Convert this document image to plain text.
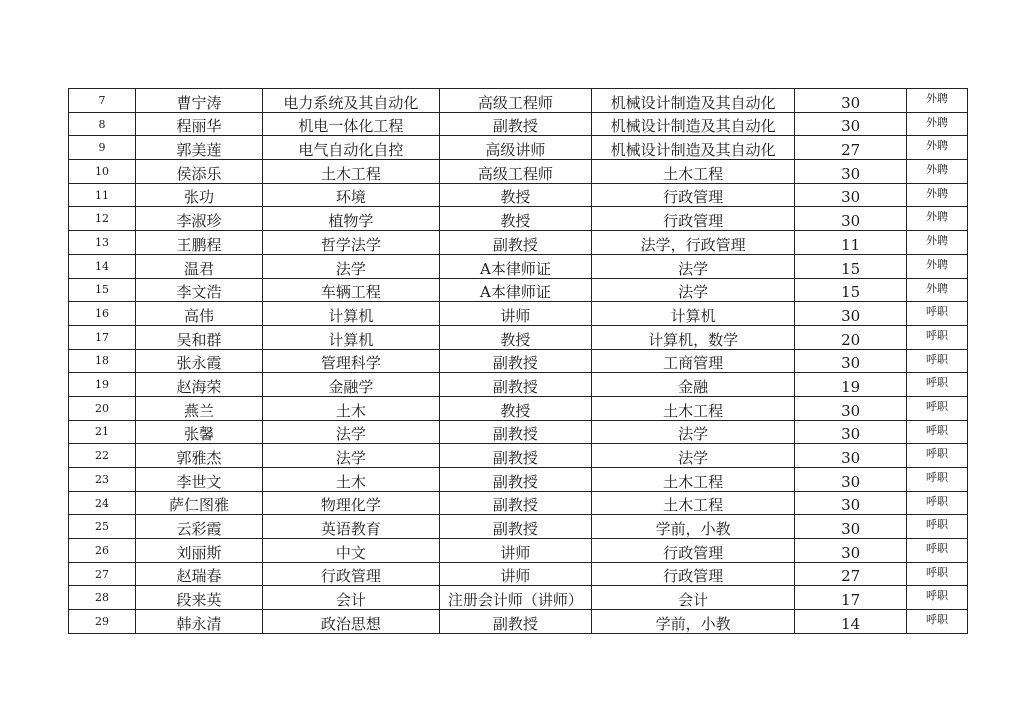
7	曹宁涛	电力系统及其自动化	高级工程师	机械设计制造及其自动化	30	外聘
8	程丽华	机电一体化工程	副教授	机械设计制造及其自动化	30	外聘
9	郭美莲	电气自动化自控	高级讲师	机械设计制造及其自动化	27	外聘
10	侯添乐	土木工程	高级工程师	土木工程	30	外聘
11	张功	环境	教授	行政管理	30	外聘
12	李淑珍	植物学	教授	行政管理	30	外聘
13	王鹏程	哲学法学	副教授	法学，行政管理	11	外聘
14	温君	法学	A本律师证	法学	15	外聘
15	李文浩	车辆工程	A本律师证	法学	15	外聘
16	高伟	计算机	讲师	计算机	30	呼职
17	吴和群	计算机	教授	计算机，数学	20	呼职
18	张永霞	管理科学	副教授	工商管理	30	呼职
19	赵海荣	金融学	副教授	金融	19	呼职
20	燕兰	土木	教授	土木工程	30	呼职
21	张馨	法学	副教授	法学	30	呼职
22	郭雅杰	法学	副教授	法学	30	呼职
23	李世文	土木	副教授	土木工程	30	呼职
24	萨仁图雅	物理化学	副教授	土木工程	30	呼职
25	云彩霞	英语教育	副教授	学前，小教	30	呼职
26	刘丽斯	中文	讲师	行政管理	30	呼职
27	赵瑞春	行政管理	讲师	行政管理	27	呼职
28	段来英	会计	注册会计师（讲师）	会计	17	呼职
29	韩永清	政治思想	副教授	学前，小教	14	呼职
